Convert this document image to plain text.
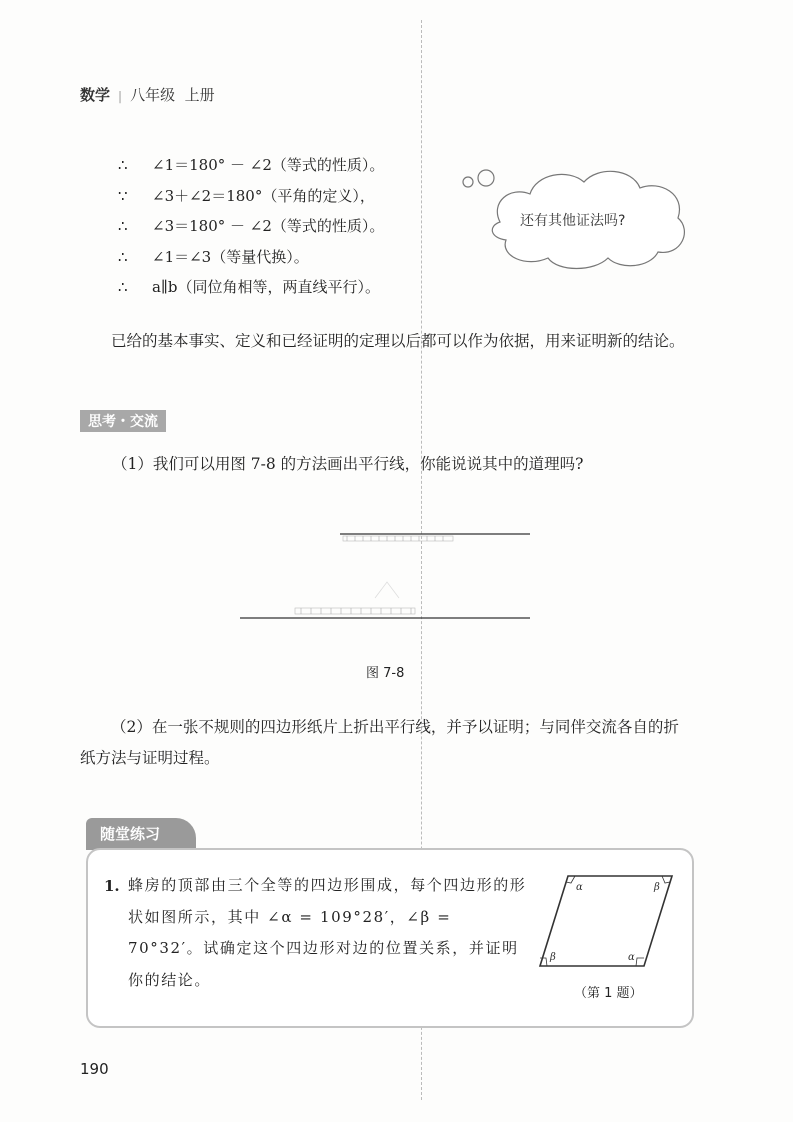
数学 | 八年级 上册
∴ ∠1＝180° － ∠2（等式的性质）。
∵ ∠3＋∠2＝180°（平角的定义），
∴ ∠3＝180° － ∠2（等式的性质）。
∴ ∠1＝∠3（等量代换）。
∴ a∥b（同位角相等，两直线平行）。
还有其他证法吗?
已给的基本事实、定义和已经证明的定理以后都可以作为依据，用来证明新的结论。
思考・交流
（1）我们可以用图 7-8 的方法画出平行线，你能说说其中的道理吗?
图 7-8
（2）在一张不规则的四边形纸片上折出平行线，并予以证明；与同伴交流各自的折纸方法与证明过程。
随堂练习
1. 蜂房的顶部由三个全等的四边形围成，每个四边形的形状如图所示，其中 ∠α = 109°28′，∠β = 70°32′。试确定这个四边形对边的位置关系，并证明你的结论。
α	β
β	α
（第 1 题）
190
